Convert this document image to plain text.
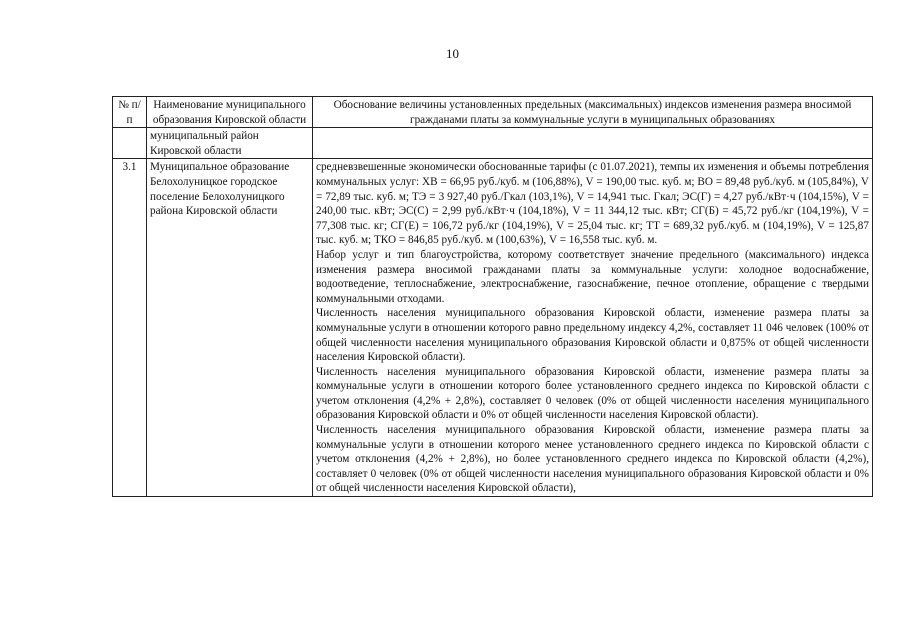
10
№ п/п	Наименование муниципального образования Кировской области	Обоснование величины установленных предельных (максимальных) индексов изменения размера вносимой гражданами платы за коммунальные услуги в муниципальных образованиях
	муниципальный район Кировской области	
3.1	Муниципальное образование Белохолуницкое городское поселение Белохолуницкого района Кировской области	средневзвешенные экономически обоснованные тарифы (с 01.07.2021), темпы их изменения и объемы потребления коммунальных услуг: ХВ = 66,95 руб./куб. м (106,88%), V = 190,00 тыс. куб. м; ВО = 89,48 руб./куб. м (105,84%), V = 72,89 тыс. куб. м; ТЭ = 3 927,40 руб./Гкал (103,1%), V = 14,941 тыс. Гкал; ЭС(Г) = 4,27 руб./кВт·ч (104,15%), V = 240,00 тыс. кВт; ЭС(С) = 2,99 руб./кВт·ч (104,18%), V = 11 344,12 тыс. кВт; СГ(Б) = 45,72 руб./кг (104,19%), V = 77,308 тыс. кг; СГ(Е) = 106,72 руб./кг (104,19%), V = 25,04 тыс. кг; ТТ = 689,32 руб./куб. м (104,19%), V = 125,87 тыс. куб. м; ТКО = 846,85 руб./куб. м (100,63%), V = 16,558 тыс. куб. м.
Набор услуг и тип благоустройства, которому соответствует значение предельного (максимального) индекса изменения размера вносимой гражданами платы за коммунальные услуги: холодное водоснабжение, водоотведение, теплоснабжение, электроснабжение, газоснабжение, печное отопление, обращение с твердыми коммунальными отходами.
Численность населения муниципального образования Кировской области, изменение размера платы за коммунальные услуги в отношении которого равно предельному индексу 4,2%, составляет 11 046 человек (100% от общей численности населения муниципального образования Кировской области и 0,875% от общей численности населения Кировской области).
Численность населения муниципального образования Кировской области, изменение размера платы за коммунальные услуги в отношении которого более установленного среднего индекса по Кировской области с учетом отклонения (4,2% + 2,8%), составляет 0 человек (0% от общей численности населения муниципального образования Кировской области и 0% от общей численности населения Кировской области).
Численность населения муниципального образования Кировской области, изменение размера платы за коммунальные услуги в отношении которого менее установленного среднего индекса по Кировской области с учетом отклонения (4,2% + 2,8%), но более установленного среднего индекса по Кировской области (4,2%), составляет 0 человек (0% от общей численности населения муниципального образования Кировской области и 0% от общей численности населения Кировской области),
